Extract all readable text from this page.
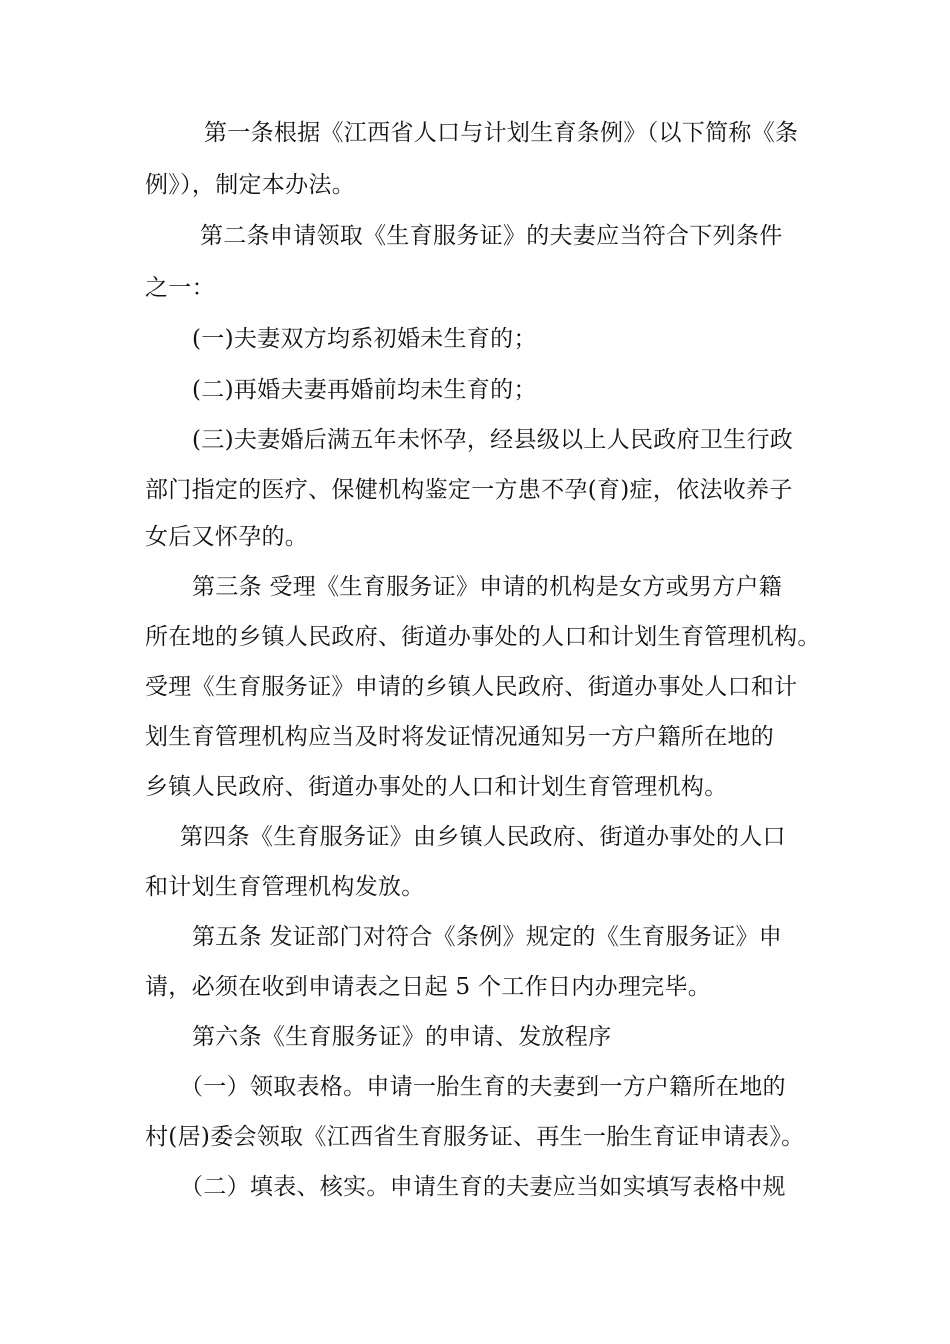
第一条根据《江西省人口与计划生育条例》（以下简称《条
例》），制定本办法。
第二条申请领取《生育服务证》的夫妻应当符合下列条件
之一：
(一)夫妻双方均系初婚未生育的；
(二)再婚夫妻再婚前均未生育的；
(三)夫妻婚后满五年未怀孕，经县级以上人民政府卫生行政
部门指定的医疗、保健机构鉴定一方患不孕(育)症，依法收养子
女后又怀孕的。
第三条 受理《生育服务证》申请的机构是女方或男方户籍
所在地的乡镇人民政府、街道办事处的人口和计划生育管理机构。
受理《生育服务证》申请的乡镇人民政府、街道办事处人口和计
划生育管理机构应当及时将发证情况通知另一方户籍所在地的
乡镇人民政府、街道办事处的人口和计划生育管理机构。
第四条《生育服务证》由乡镇人民政府、街道办事处的人口
和计划生育管理机构发放。
第五条 发证部门对符合《条例》规定的《生育服务证》申
请，必须在收到申请表之日起 5 个工作日内办理完毕。
第六条《生育服务证》的申请、发放程序
（一）领取表格。申请一胎生育的夫妻到一方户籍所在地的
村(居)委会领取《江西省生育服务证、再生一胎生育证申请表》。
（二）填表、核实。申请生育的夫妻应当如实填写表格中规
